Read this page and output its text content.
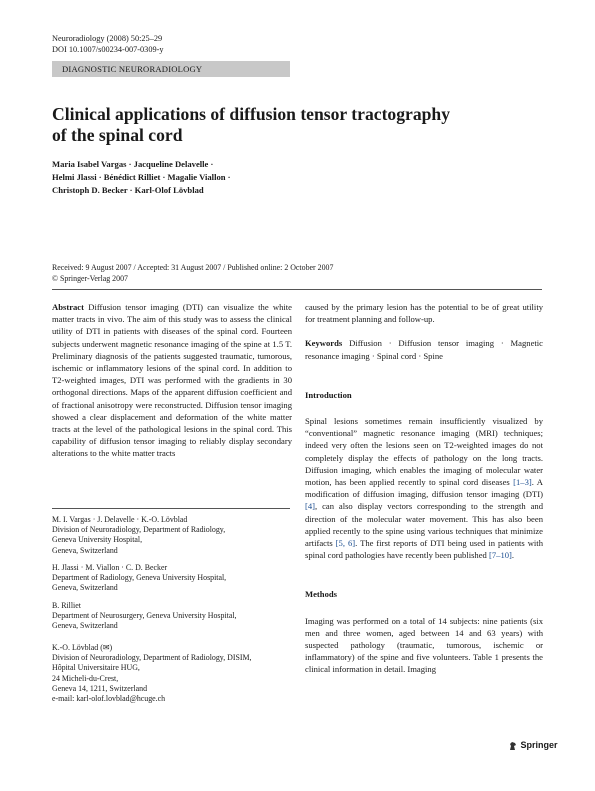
Neuroradiology (2008) 50:25–29
DOI 10.1007/s00234-007-0309-y
DIAGNOSTIC NEURORADIOLOGY
Clinical applications of diffusion tensor tractography
of the spinal cord
Maria Isabel Vargas · Jacqueline Delavelle ·
Helmi Jlassi · Bénédict Rilliet · Magalie Viallon ·
Christoph D. Becker · Karl-Olof Lövblad
Received: 9 August 2007 / Accepted: 31 August 2007 / Published online: 2 October 2007
© Springer-Verlag 2007

Abstract Diffusion tensor imaging (DTI) can visualize the white matter tracts in vivo. The aim of this study was to assess the clinical utility of DTI in patients with diseases of the spinal cord. Fourteen subjects underwent magnetic resonance imaging of the spine at 1.5 T. Preliminary diagnosis of the patients suggested traumatic, tumorous, ischemic or inflammatory lesions of the spinal cord. In addition to T2-weighted images, DTI was performed with the gradients in 30 orthogonal directions. Maps of the apparent diffusion coefficient and of fractional anisotropy were reconstructed. Diffusion tensor imaging showed a clear displacement and deformation of the white matter tracts at the level of the pathological lesions in the spinal cord. This capability of diffusion tensor imaging to reliably display secondary alterations to the white matter tracts

M. I. Vargas · J. Delavelle · K.-O. Lövblad
Division of Neuroradiology, Department of Radiology,
Geneva University Hospital,
Geneva, Switzerland
H. Jlassi · M. Viallon · C. D. Becker
Department of Radiology, Geneva University Hospital,
Geneva, Switzerland
B. Rilliet
Department of Neurosurgery, Geneva University Hospital,
Geneva, Switzerland
K.-O. Lövblad (✉)
Division of Neuroradiology, Department of Radiology, DISIM,
Hôpital Universitaire HUG,
24 Micheli-du-Crest,
Geneva 14, 1211, Switzerland
e-mail: karl-olof.lovblad@hcuge.ch

caused by the primary lesion has the potential to be of great utility for treatment planning and follow-up.

Keywords Diffusion · Diffusion tensor imaging · Magnetic resonance imaging · Spinal cord · Spine

Introduction

Spinal lesions sometimes remain insufficiently visualized by “conventional” magnetic resonance imaging (MRI) techniques; indeed very often the lesions seen on T2-weighted images do not completely display the effects of pathology on the long tracts. Diffusion imaging, which enables the imaging of molecular water motion, has been applied recently to spinal cord diseases [1–3]. A modification of diffusion imaging, diffusion tensor imaging (DTI) [4], can also display vectors corresponding to the strength and direction of the molecular water movement. This has also been applied recently to the spine using various techniques that minimize artifacts [5, 6]. The first reports of DTI being used in patients with spinal cord pathologies have recently been published [7–10].

Methods

Imaging was performed on a total of 14 subjects: nine patients (six men and three women, aged between 14 and 63 years) with suspected pathology (traumatic, tumorous, ischemic or inflammatory) of the spine and five volunteers. Table 1 presents the clinical information in detail. Imaging

Springer
